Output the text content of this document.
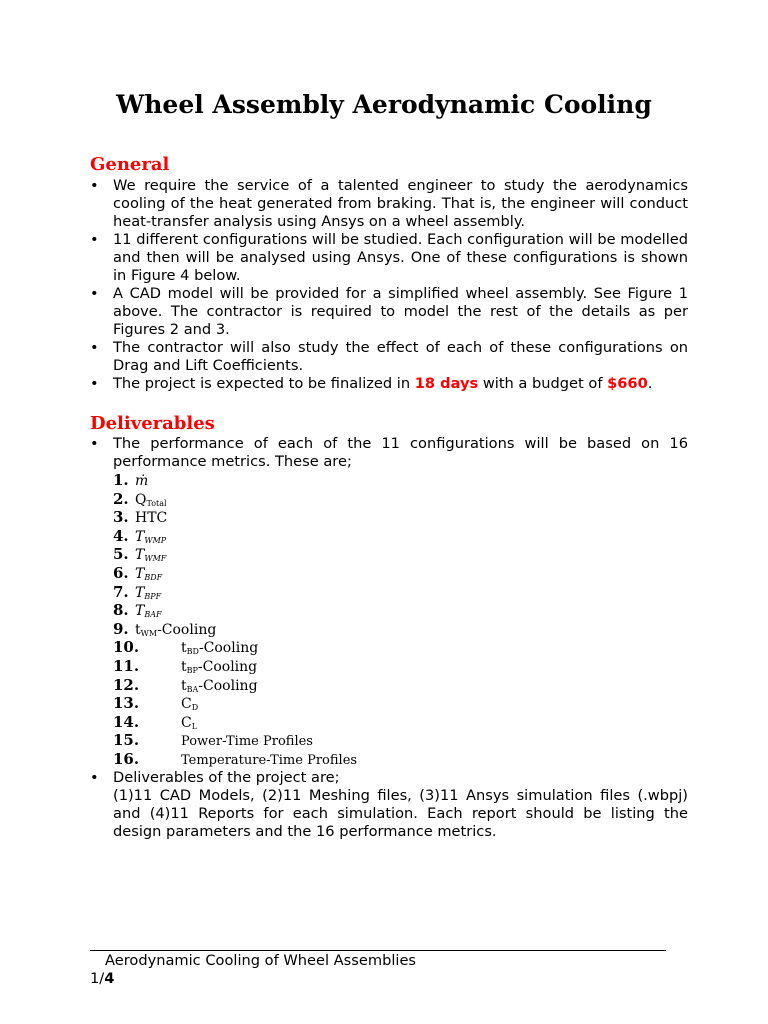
Wheel Assembly Aerodynamic Cooling
General
• We require the service of a talented engineer to study the aerodynamics cooling of the heat generated from braking. That is, the engineer will conduct heat-transfer analysis using Ansys on a wheel assembly.
• 11 different configurations will be studied. Each configuration will be modelled and then will be analysed using Ansys. One of these configurations is shown in Figure 4 below.
• A CAD model will be provided for a simplified wheel assembly. See Figure 1 above. The contractor is required to model the rest of the details as per Figures 2 and 3.
• The contractor will also study the effect of each of these configurations on Drag and Lift Coefficients.
• The project is expected to be finalized in 18 days with a budget of $660.
Deliverables
• The performance of each of the 11 configurations will be based on 16 performance metrics. These are;
1. ṁ
2. $Q_{Total}$
3. HTC
4. $T_{WMP}$
5. $T_{WMF}$
6. $T_{BDF}$
7. $T_{BPF}$
8. $T_{BAF}$
9. $t_{WM}$-Cooling
10.	$t_{BD}$-Cooling
11.	$t_{BP}$-Cooling
12.	$t_{BA}$-Cooling
13.	$C_D$
14.	$C_L$
15.	Power-Time Profiles
16.	Temperature-Time Profiles
• Deliverables of the project are;

(1)11 CAD Models, (2)11 Meshing files, (3)11 Ansys simulation files (.wbpj) and (4)11 Reports for each simulation. Each report should be listing the design parameters and the 16 performance metrics.

Aerodynamic Cooling of Wheel Assemblies

1/4
